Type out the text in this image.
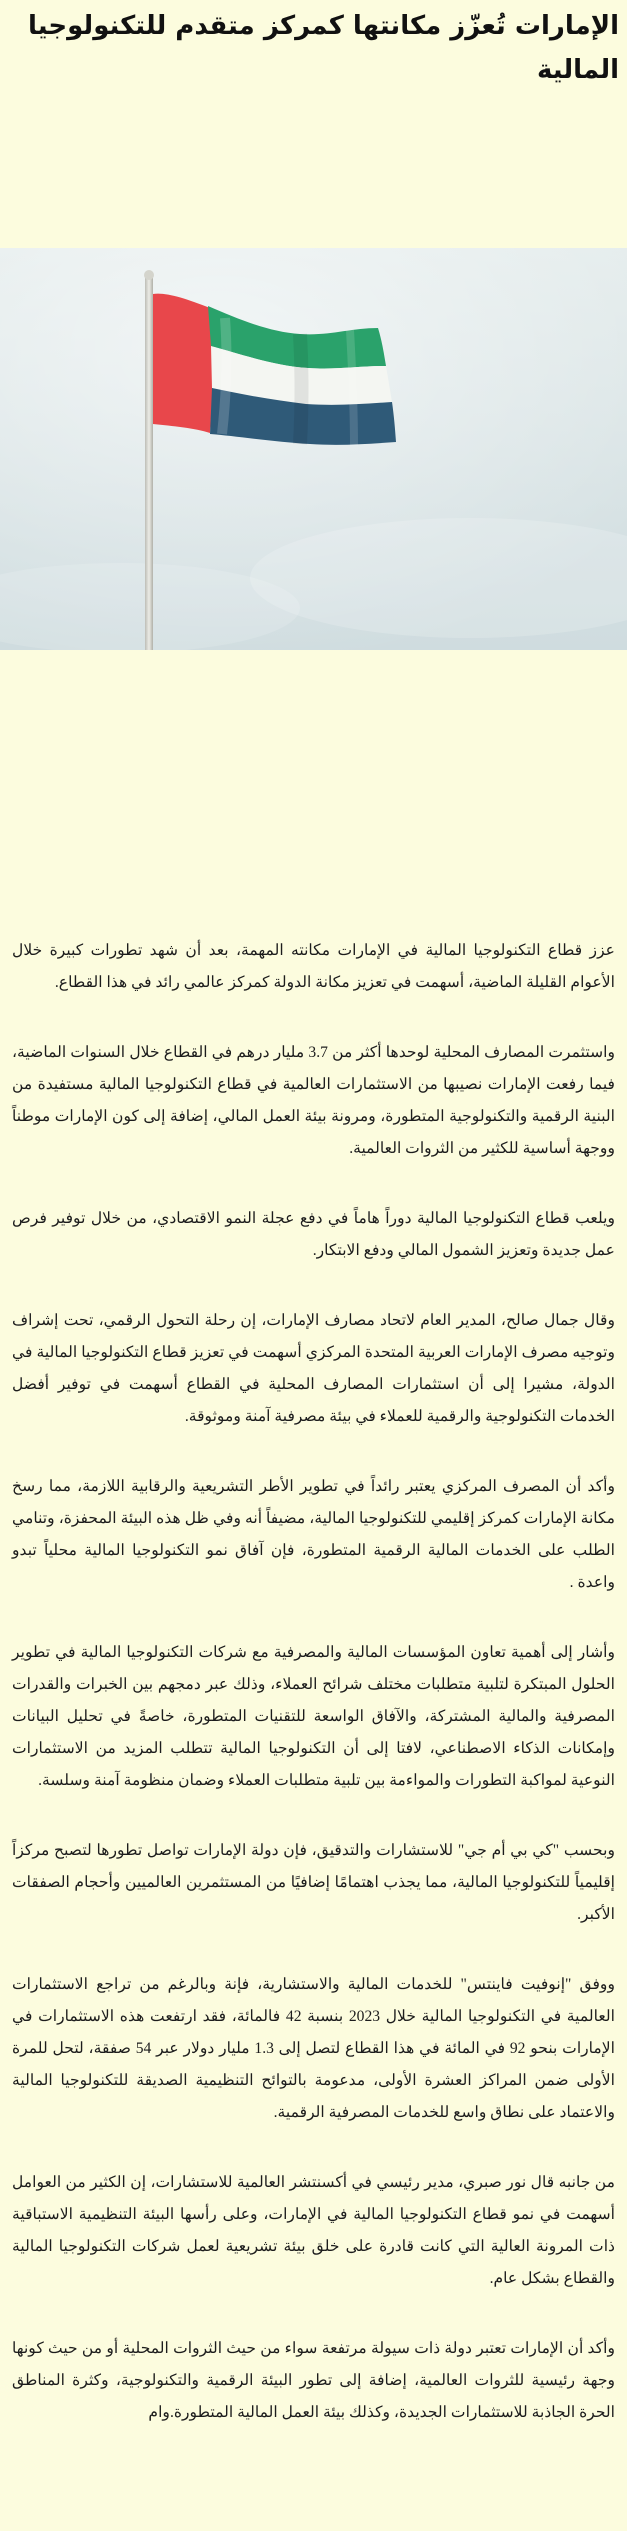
الإمارات تُعزّز مكانتها كمركز متقدم للتكنولوجيا المالية

عزز قطاع التكنولوجيا المالية في الإمارات مكانته المهمة، بعد أن شهد تطورات كبيرة خلال الأعوام القليلة الماضية، أسهمت في تعزيز مكانة الدولة كمركز عالمي رائد في هذا القطاع.

واستثمرت المصارف المحلية لوحدها أكثر من 3.7 مليار درهم في القطاع خلال السنوات الماضية، فيما رفعت الإمارات نصيبها من الاستثمارات العالمية في قطاع التكنولوجيا المالية مستفيدة من البنية الرقمية والتكنولوجية المتطورة، ومرونة بيئة العمل المالي، إضافة إلى كون الإمارات موطناً ووجهة أساسية للكثير من الثروات العالمية.

ويلعب قطاع التكنولوجيا المالية دوراً هاماً في دفع عجلة النمو الاقتصادي، من خلال توفير فرص عمل جديدة وتعزيز الشمول المالي ودفع الابتكار.

وقال جمال صالح، المدير العام لاتحاد مصارف الإمارات، إن رحلة التحول الرقمي، تحت إشراف وتوجيه مصرف الإمارات العربية المتحدة المركزي أسهمت في تعزيز قطاع التكنولوجيا المالية في الدولة، مشيرا إلى أن استثمارات المصارف المحلية في القطاع أسهمت في توفير أفضل الخدمات التكنولوجية والرقمية للعملاء في بيئة مصرفية آمنة وموثوقة.

وأكد أن المصرف المركزي يعتبر رائداً في تطوير الأطر التشريعية والرقابية اللازمة، مما رسخ مكانة الإمارات كمركز إقليمي للتكنولوجيا المالية، مضيفاً أنه وفي ظل هذه البيئة المحفزة، وتنامي الطلب على الخدمات المالية الرقمية المتطورة، فإن آفاق نمو التكنولوجيا المالية محلياً تبدو واعدة .

وأشار إلى أهمية تعاون المؤسسات المالية والمصرفية مع شركات التكنولوجيا المالية في تطوير الحلول المبتكرة لتلبية متطلبات مختلف شرائح العملاء، وذلك عبر دمجهم بين الخبرات والقدرات المصرفية والمالية المشتركة، والآفاق الواسعة للتقنيات المتطورة، خاصةً في تحليل البيانات وإمكانات الذكاء الاصطناعي، لافتا إلى أن التكنولوجيا المالية تتطلب المزيد من الاستثمارات النوعية لمواكبة التطورات والمواءمة بين تلبية متطلبات العملاء وضمان منظومة آمنة وسلسة.

وبحسب "كي بي أم جي" للاستشارات والتدقيق، فإن دولة الإمارات تواصل تطورها لتصبح مركزاً إقليمياً للتكنولوجيا المالية، مما يجذب اهتمامًا إضافيًا من المستثمرين العالميين وأحجام الصفقات الأكبر.

ووفق "إنوفيت فاينتس" للخدمات المالية والاستشارية، فإنة وبالرغم من تراجع الاستثمارات العالمية في التكنولوجيا المالية خلال 2023 بنسبة 42 فالمائة، فقد ارتفعت هذه الاستثمارات في الإمارات بنحو 92 في المائة في هذا القطاع لتصل إلى 1.3 مليار دولار عبر 54 صفقة، لتحل للمرة الأولى ضمن المراكز العشرة الأولى، مدعومة بالتوائح التنظيمية الصديقة للتكنولوجيا المالية والاعتماد على نطاق واسع للخدمات المصرفية الرقمية.

من جانبه قال نور صبري، مدير رئيسي في أكسنتشر العالمية للاستشارات، إن الكثير من العوامل أسهمت في نمو قطاع التكنولوجيا المالية في الإمارات، وعلى رأسها البيئة التنظيمية الاستباقية ذات المرونة العالية التي كانت قادرة على خلق بيئة تشريعية لعمل شركات التكنولوجيا المالية والقطاع بشكل عام.

وأكد أن الإمارات تعتبر دولة ذات سيولة مرتفعة سواء من حيث الثروات المحلية أو من حيث كونها وجهة رئيسية للثروات العالمية، إضافة إلى تطور البيئة الرقمية والتكنولوجية، وكثرة المناطق الحرة الجاذبة للاستثمارات الجديدة، وكذلك بيئة العمل المالية المتطورة.وام
